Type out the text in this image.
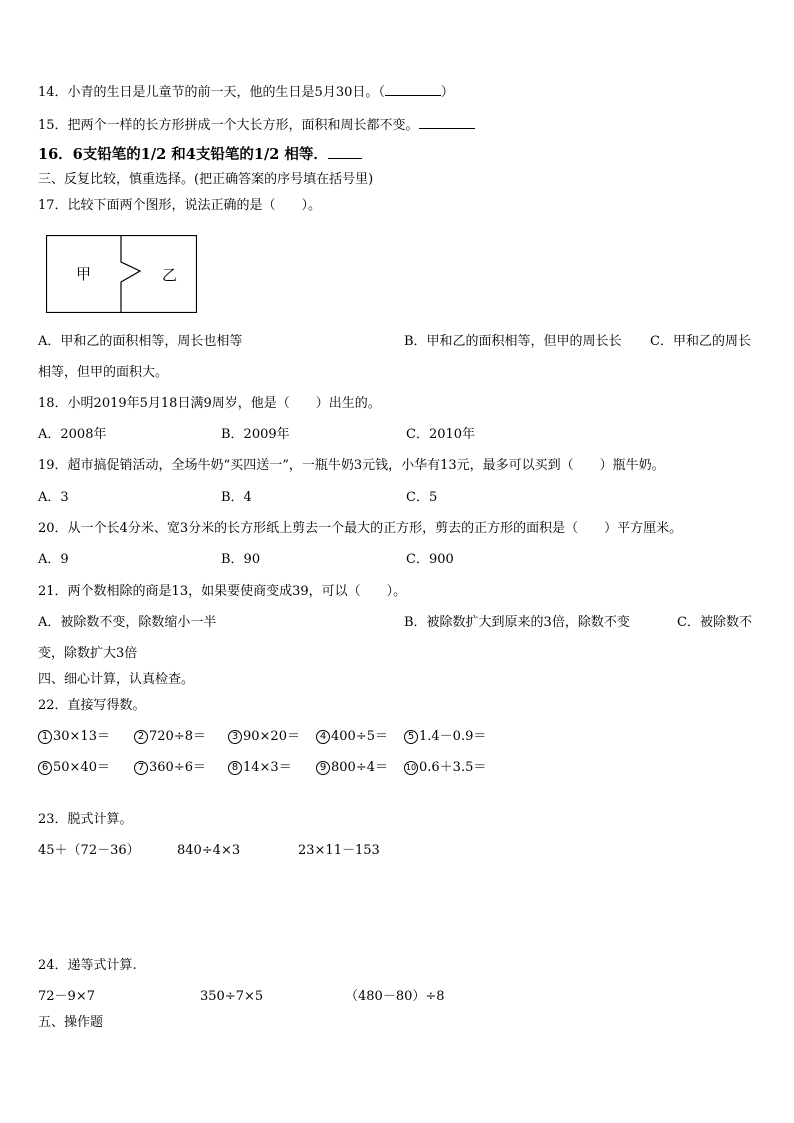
14．小青的生日是儿童节的前一天，他的生日是5月30日。（	）
15．把两个一样的长方形拼成一个大长方形，面积和周长都不变。
16．6支铅笔的1/2 和4支铅笔的1/2 相等．
三、反复比较，慎重选择。(把正确答案的序号填在括号里)
17．比较下面两个图形，说法正确的是（　　）。
甲	乙
A．甲和乙的面积相等，周长也相等	B．甲和乙的面积相等，但甲的周长长 C．甲和乙的周长
相等，但甲的面积大。
18．小明2019年5月18日满9周岁，他是（　　）出生的。
A．2008年	B．2009年	C．2010年
19．超市搞促销活动，全场牛奶“买四送一”，一瓶牛奶3元钱，小华有13元，最多可以买到（　　）瓶牛奶。
A．3	B．4	C．5
20．从一个长4分米、宽3分米的长方形纸上剪去一个最大的正方形，剪去的正方形的面积是（　　）平方厘米。
A．9	B．90	C．900
21．两个数相除的商是13，如果要使商变成39，可以（　　）。
A．被除数不变，除数缩小一半	B．被除数扩大到原来的3倍，除数不变	C．被除数不
变，除数扩大3倍
四、细心计算，认真检查。
22．直接写得数。
1 30×13＝	2 720÷8＝	3 90×20＝	4 400÷5＝	5 1.4－0.9＝
6 50×40＝	7 360÷6＝	8 14×3＝	9 800÷4＝ 10 0.6＋3.5＝
23．脱式计算。
45＋（72－36）	840÷4×3	23×11－153
24．递等式计算.
72－9×7	350÷7×5	（480－80）÷8
五、操作题
